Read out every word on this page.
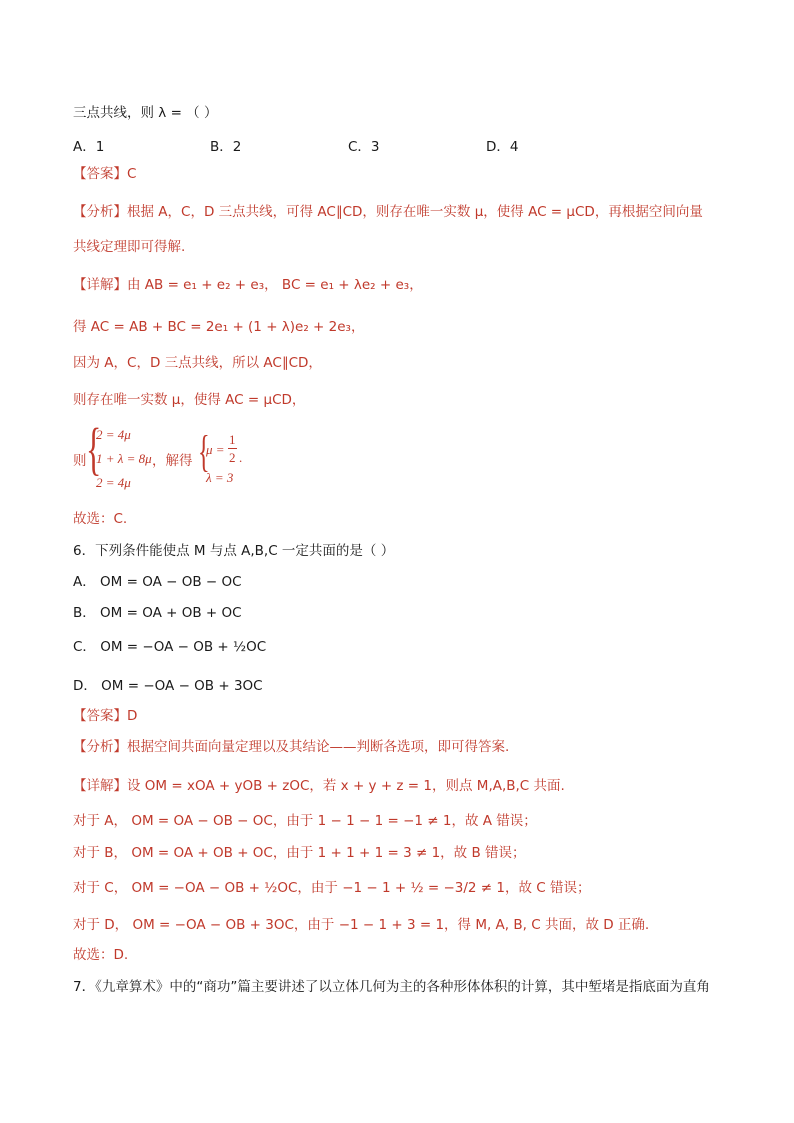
三点共线，则 λ = （ ）
A．1	B．2	C．3	D．4
【答案】C
【分析】根据 A，C，D 三点共线，可得 AC∥CD，则存在唯一实数 μ，使得 AC = μCD，再根据空间向量
共线定理即可得解.
【详解】由 AB = e₁ + e₂ + e₃， BC = e₁ + λe₂ + e₃，
得 AC = AB + BC = 2e₁ + (1 + λ)e₂ + 2e₃，
因为 A，C，D 三点共线，所以 AC∥CD，
则存在唯一实数 μ，使得 AC = μCD，
则 {
2 = 4μ
1 + λ = 8μ
2 = 4μ
，解得 {
μ =
1
2 .
λ = 3
故选：C.
6．下列条件能使点 M 与点 A,B,C 一定共面的是（ ）
A． OM = OA − OB − OC
B． OM = OA + OB + OC
C． OM = −OA − OB + ½OC
D． OM = −OA − OB + 3OC
【答案】D
【分析】根据空间共面向量定理以及其结论——判断各选项，即可得答案.
【详解】设 OM = xOA + yOB + zOC，若 x + y + z = 1，则点 M,A,B,C 共面.
对于 A， OM = OA − OB − OC，由于 1 − 1 − 1 = −1 ≠ 1，故 A 错误；
对于 B， OM = OA + OB + OC，由于 1 + 1 + 1 = 3 ≠ 1，故 B 错误；
对于 C， OM = −OA − OB + ½OC，由于 −1 − 1 + ½ = −3/2 ≠ 1，故 C 错误；
对于 D， OM = −OA − OB + 3OC，由于 −1 − 1 + 3 = 1，得 M, A, B, C 共面，故 D 正确.
故选：D.
7．《九章算术》中的“商功”篇主要讲述了以立体几何为主的各种形体体积的计算，其中堑堵是指底面为直角
